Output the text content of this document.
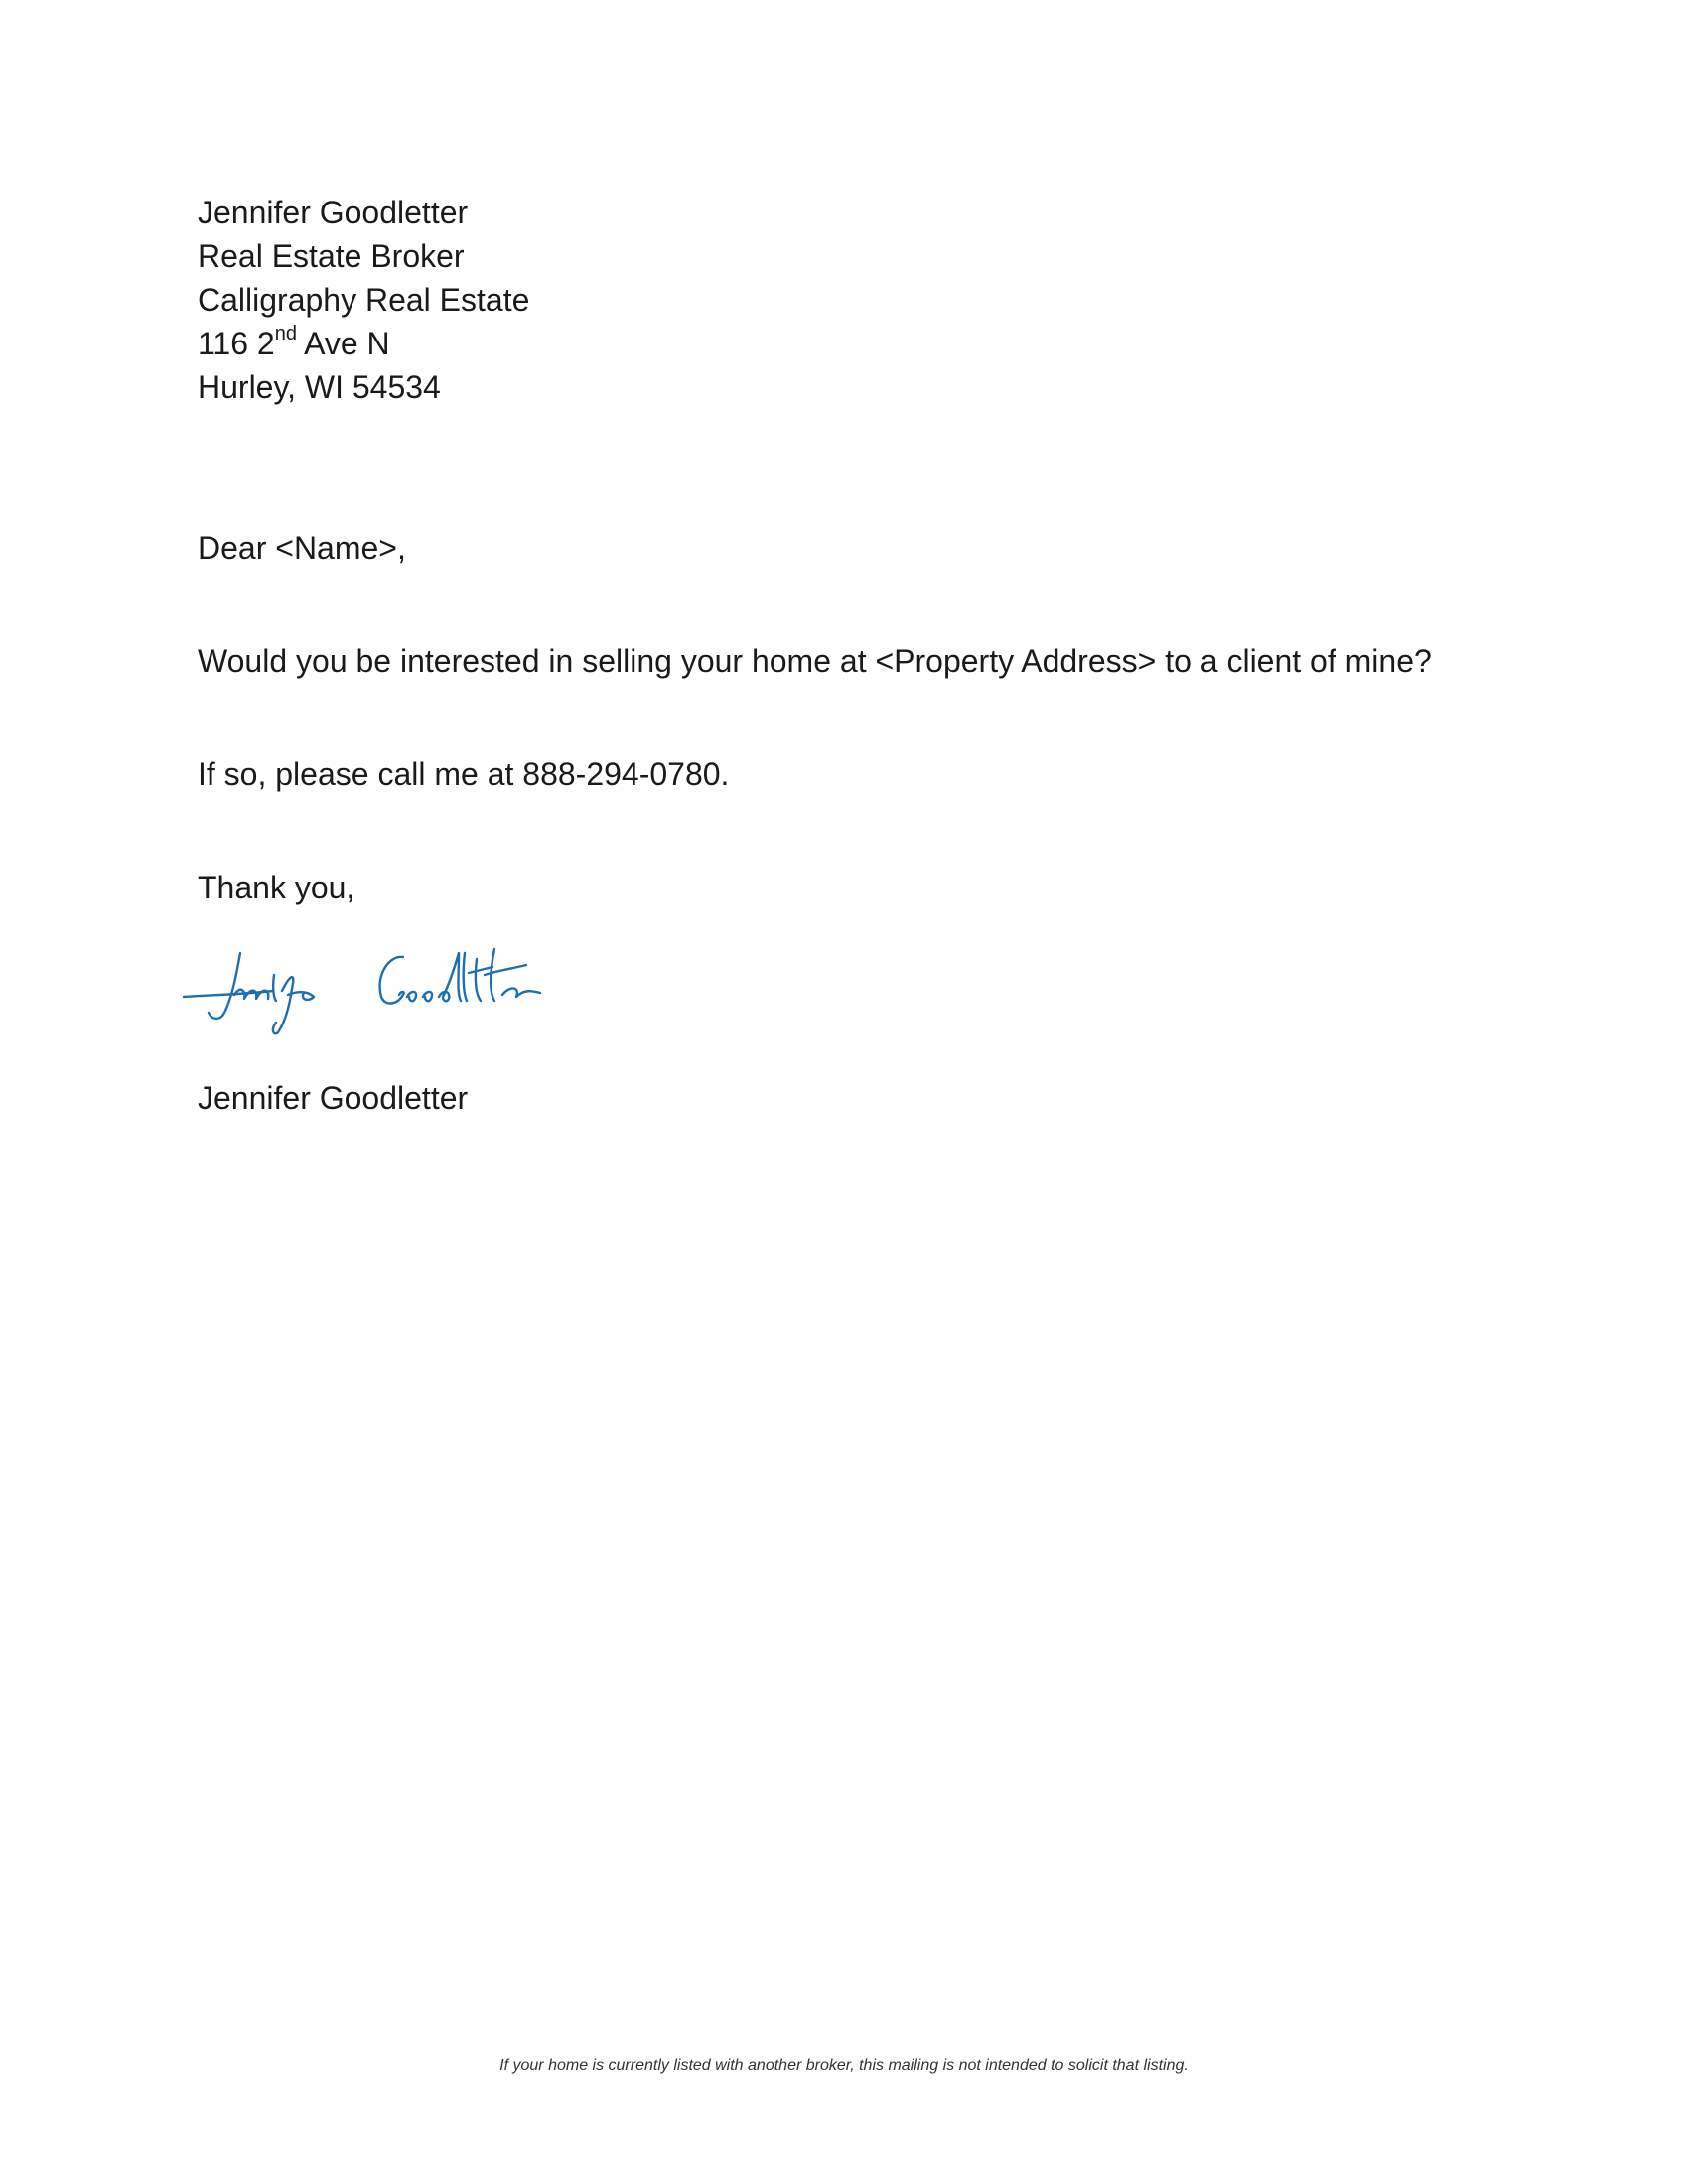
Jennifer Goodletter
Real Estate Broker
Calligraphy Real Estate
116 2nd Ave N
Hurley, WI 54534
Dear <Name>,
Would you be interested in selling your home at <Property Address> to a client of mine?
If so, please call me at 888-294-0780.
Thank you,
Jennifer Goodletter
If your home is currently listed with another broker, this mailing is not intended to solicit that listing.
